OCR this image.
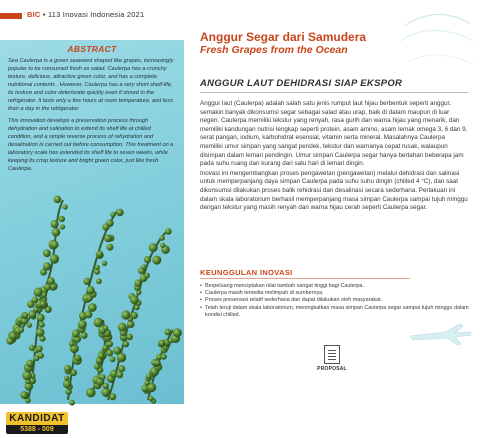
BIC • 113 Inovasi Indonesia 2021
ABSTRACT

Sea Caulerpa is a green seaweed shaped like grapes, increasingly popular to be consumed fresh as salad. Caulerpa has a crunchy texture, delicious, attractive green color, and has a complete nutritional contents . However, Caulerpa has a very short shelf-life, its texture and color deteriorate quickly even if stored in the refrigerator. It lasts only a few hours at room temperature, and less than a day in the refrigerator.

This innovation develops a preservation process through dehydration and salination to extend its shelf life at chilled condition, and a simple reverse process of rehydration and desalination is carried out before consumption. This treatment on a laboratory scale has extended its shelf life to seven weeks, while keeping its crisp texture and bright green color, just like fresh Caulerpa.

KANDIDAT
5388 - 009
Anggur Segar dari Samudera
Fresh Grapes from the Ocean
ANGGUR LAUT DEHIDRASI SIAP EKSPOR

Anggur laut (Caulerpa) adalah salah satu jenis rumput laut hijau berbentuk seperti anggur, semakin banyak dikonsumsi segar sebagai salad atau urap, baik di dalam maupun di luar negeri. Caulerpa memiliki tekstur yang renyah, rasa gurih dan warna hijau yang menarik, dan memiliki kandungan nutrisi lengkap seperti protein, asam amino, asam lemak omega 3, 6 dan 9, serat pangan, iodium, karbohidrat esensial, vitamin serta mineral. Masalahnya Caulerpa memiliki umur simpan yang sangat pendek, tekstur dan warnanya cepat rusak, walaupun disimpan dalam lemari pendingin. Umur simpan Caulerpa segar hanya bertahan beberapa jam pada suhu ruang dan kurang dari satu hari di lemari dingin.

Inovasi ini mengembangkan proses pengawetan (pengawetan) melalui dehidrasi dan salinasi untuk memperpanjang daya simpan Caulerpa pada suhu suhu dingin (chilled 4 °C), dan saat dikonsumsi dilakukan proses balik rehidrasi dan desalinasi secara sederhana. Perlakuan ini dalam skala laboratorium berhasil memperpanjang masa simpan Caulerpa sampai tujuh minggu dengan tekstur yang masih renyah dan warna hijau cerah seperti Caulerpa segar.

KEUNGGULAN INOVASI
• Berpeluang menciptakan nilai tambah sangat tinggi bagi Caulerpa.
• Caulerpa masih tersedia melimpah di sumbernya.
• Proses preservasi relatif sederhana dan dapat dilakukan oleh masyarakat.
• Telah teruji dalam skala laboratorium, meningkatkan masa simpan Caulerpa segar sampai tujuh minggu dalam kondisi chilled.
PROPOSAL
